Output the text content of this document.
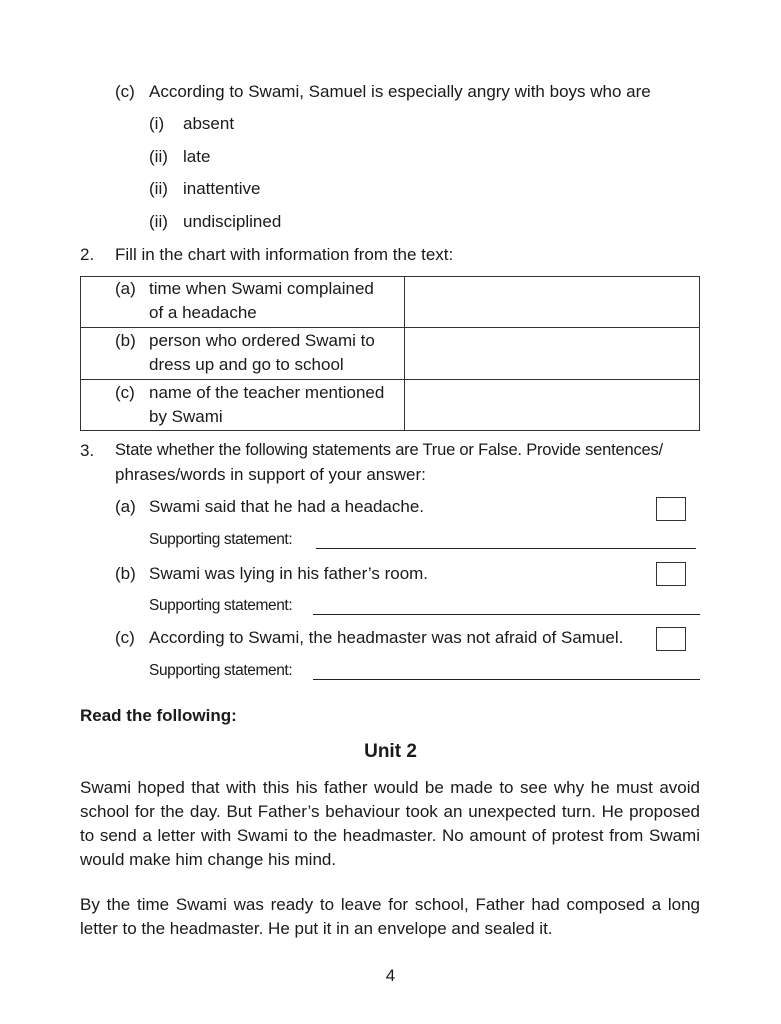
(c) According to Swami, Samuel is especially angry with boys who are
(i) absent
(ii) late
(ii) inattentive
(ii) undisciplined
2. Fill in the chart with information from the text:
(a) time when Swami complained
of a headache
(b) person who ordered Swami to
dress up and go to school
(c) name of the teacher mentioned
by Swami
3. State whether the following statements are True or False. Provide sentences/
phrases/words in support of your answer:
(a) Swami said that he had a headache.
Supporting statement:
(b) Swami was lying in his father’s room.
Supporting statement:
(c) According to Swami, the headmaster was not afraid of Samuel.
Supporting statement:
Read the following:
Unit 2

Swami hoped that with this his father would be made to see why he must avoid school for the day. But Father’s behaviour took an unexpected turn. He proposed to send a letter with Swami to the headmaster. No amount of protest from Swami would make him change his mind.

By the time Swami was ready to leave for school, Father had composed a long letter to the headmaster. He put it in an envelope and sealed it.

4
